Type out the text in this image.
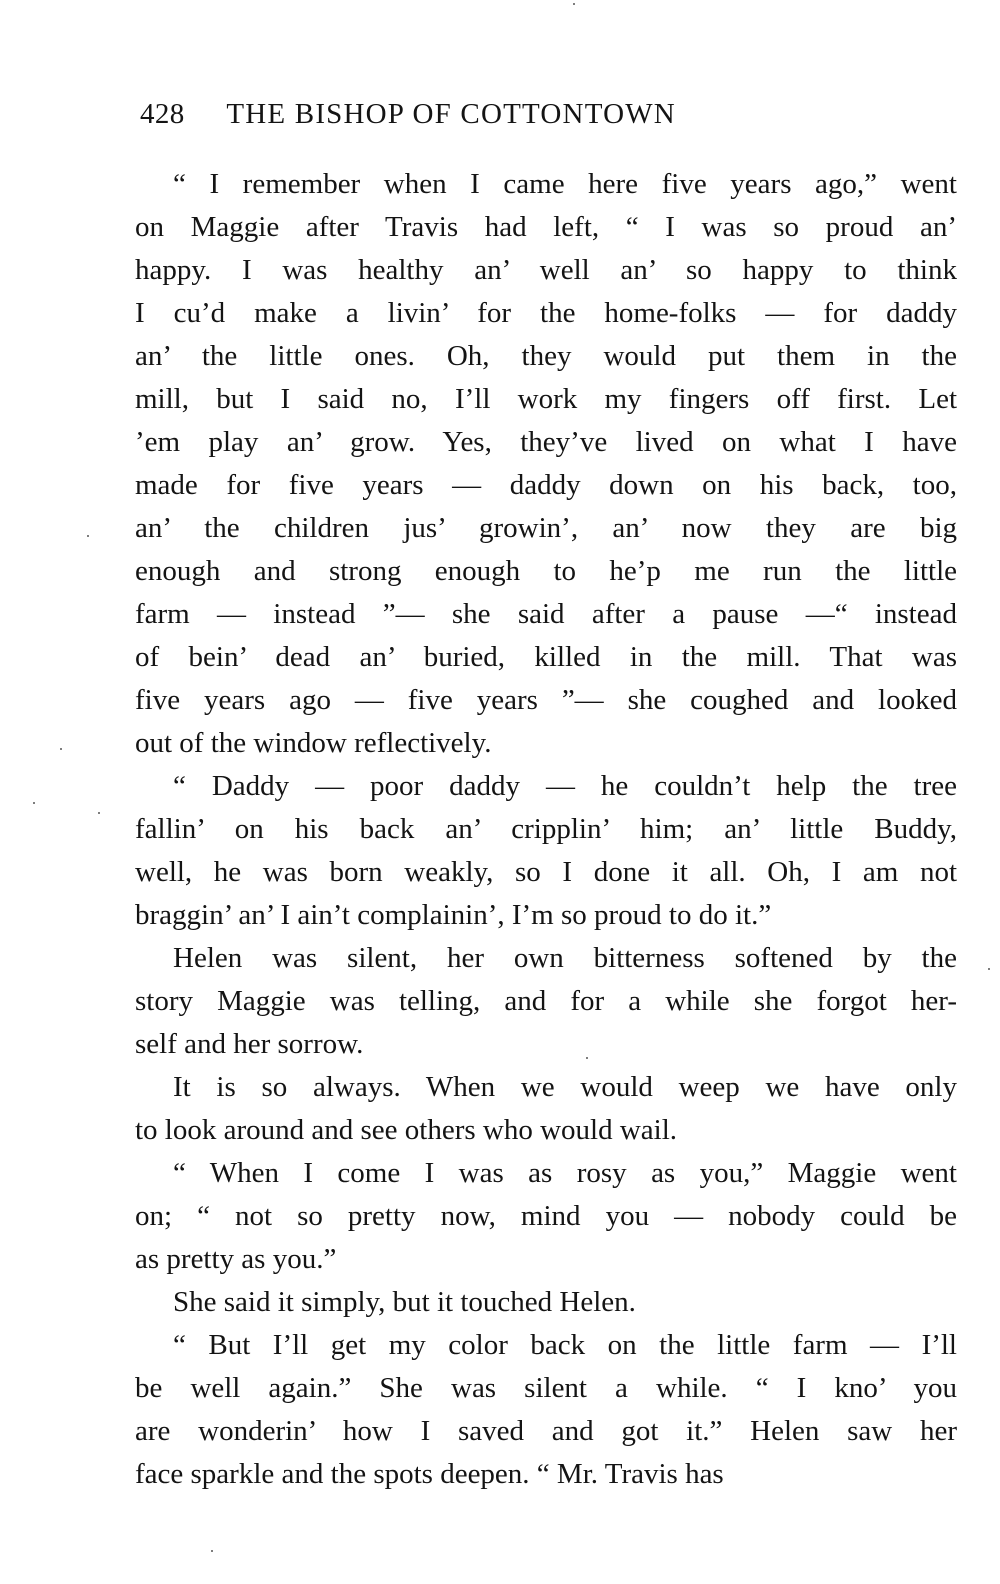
428 THE BISHOP OF COTTONTOWN
“ I remember when I came here five years ago,” went
on Maggie after Travis had left, “ I was so proud an’
happy. I was healthy an’ well an’ so happy to think
I cu’d make a livin’ for the home-folks — for daddy
an’ the little ones. Oh, they would put them in the
mill, but I said no, I’ll work my fingers off first. Let
’em play an’ grow. Yes, they’ve lived on what I have
made for five years — daddy down on his back, too,
an’ the children jus’ growin’, an’ now they are big
enough and strong enough to he’p me run the little
farm — instead ”— she said after a pause —“ instead
of bein’ dead an’ buried, killed in the mill. That was
five years ago — five years ”— she coughed and looked
out of the window reflectively.
“ Daddy — poor daddy — he couldn’t help the tree
fallin’ on his back an’ cripplin’ him; an’ little Buddy,
well, he was born weakly, so I done it all. Oh, I am not
braggin’ an’ I ain’t complainin’, I’m so proud to do it.”
Helen was silent, her own bitterness softened by the
story Maggie was telling, and for a while she forgot her-
self and her sorrow.
It is so always. When we would weep we have only
to look around and see others who would wail.
“ When I come I was as rosy as you,” Maggie went
on; “ not so pretty now, mind you — nobody could be
as pretty as you.”
She said it simply, but it touched Helen.
“ But I’ll get my color back on the little farm — I’ll
be well again.” She was silent a while. “ I kno’ you
are wonderin’ how I saved and got it.” Helen saw her
face sparkle and the spots deepen. “ Mr. Travis has
